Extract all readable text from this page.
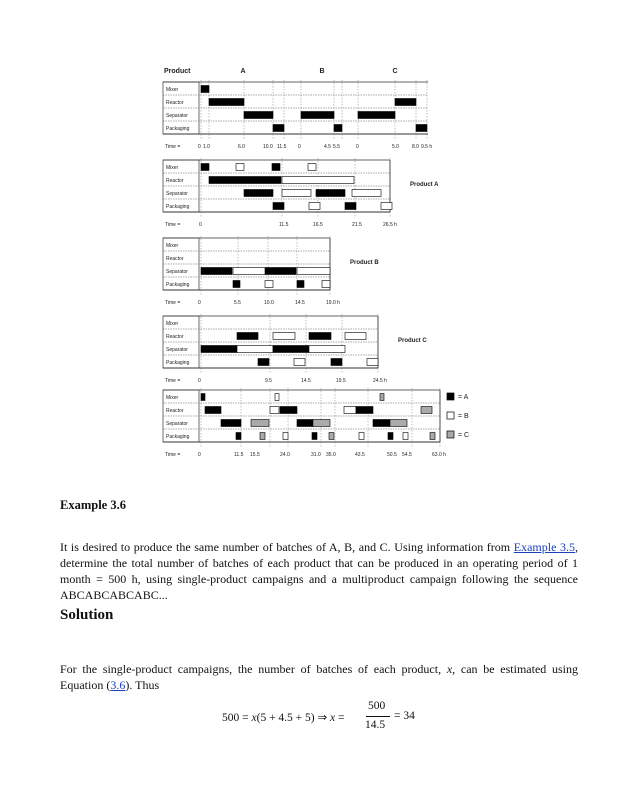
Product	A	B	C
Mixer
Reactor
Separator
Packaging
Time =	0 1.0	6.0	10.0 11.5 0	4.5 5.5	0	5.0	8.0 9.5 h
Mixer
Reactor
Separator
Packaging
Time =	0	11.5	16.5	21.5	26.5 h
Product A
Mixer
Reactor
Separator
Packaging
Time =	0	5.5	10.0	14.5	19.0 h
Product B
Mixer
Reactor
Separator
Packaging
Time =	0	9.5	14.5	19.5	24.5 h
Product C
Mixer
Reactor
Separator
Packaging
Time =	0	11.5 15.5	24.0	31.0 35.0	43.5	50.5 54.5	63.0 h
= A
= B
= C
Example 3.6
It is desired to produce the same number of batches of A, B, and C. Using information from Example 3.5, determine the total number of batches of each product that can be produced in an operating period of 1 month = 500 h, using single-product campaigns and a multiproduct campaign following the sequence ABCABCABCABC...
Solution
For the single-product campaigns, the number of batches of each product, x, can be estimated using Equation (3.6). Thus
500 = x(5 + 4.5 + 5) ⇒ x =
500
14.5
= 34
